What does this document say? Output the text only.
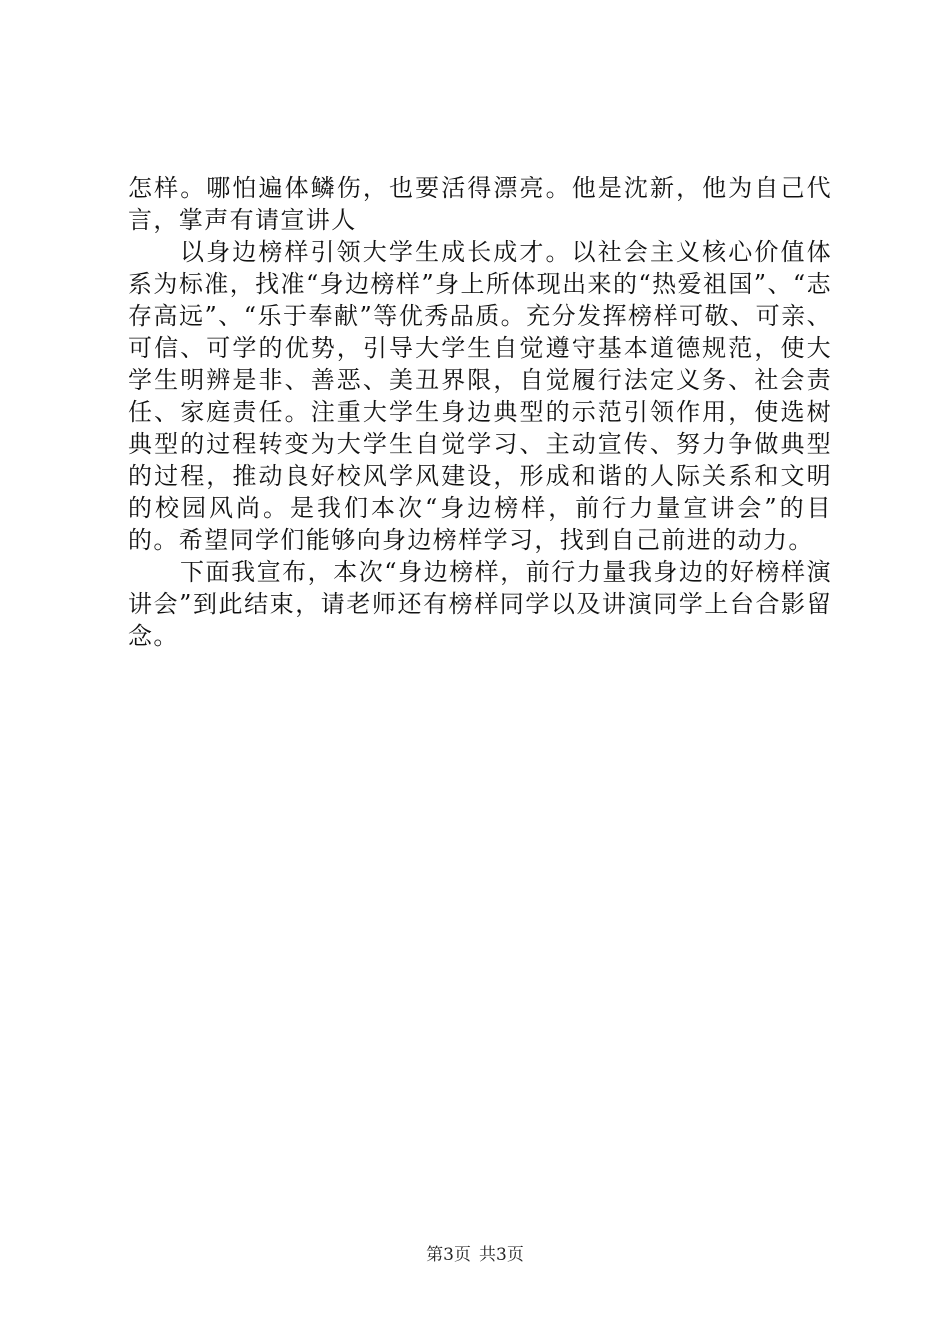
怎样。哪怕遍体鳞伤，也要活得漂亮。他是沈新，他为自己代言，掌声有请宣讲人

以身边榜样引领大学生成长成才。以社会主义核心价值体系为标准，找准“身边榜样”身上所体现出来的“热爱祖国”、“志存高远”、“乐于奉献”等优秀品质。充分发挥榜样可敬、可亲、可信、可学的优势，引导大学生自觉遵守基本道德规范，使大学生明辨是非、善恶、美丑界限，自觉履行法定义务、社会责任、家庭责任。注重大学生身边典型的示范引领作用，使选树典型的过程转变为大学生自觉学习、主动宣传、努力争做典型的过程，推动良好校风学风建设，形成和谐的人际关系和文明的校园风尚。是我们本次“身边榜样，前行力量宣讲会”的目的。希望同学们能够向身边榜样学习，找到自己前进的动力。

下面我宣布，本次“身边榜样，前行力量我身边的好榜样演讲会”到此结束，请老师还有榜样同学以及讲演同学上台合影留念。

第3页 共3页
